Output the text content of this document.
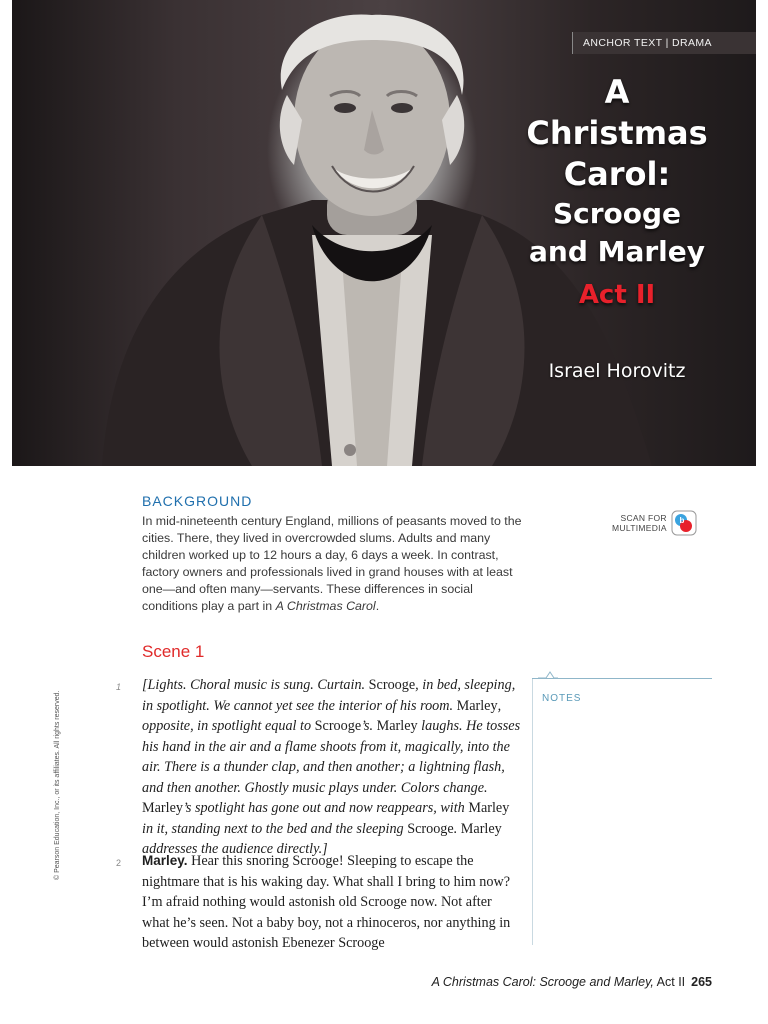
ANCHOR TEXT | DRAMA
A
Christmas
Carol:
Scrooge
and Marley
Act II
Israel Horovitz
BACKGROUND
In mid-nineteenth century England, millions of peasants moved to the cities. There, they lived in overcrowded slums. Adults and many children worked up to 12 hours a day, 6 days a week. In contrast, factory owners and professionals lived in grand houses with at least one—and often many—servants. These differences in social conditions play a part in A Christmas Carol.
SCAN FOR
MULTIMEDIA
b
Scene 1
1 [Lights. Choral music is sung. Curtain. Scrooge, in bed, sleeping, in spotlight. We cannot yet see the interior of his room. Marley, opposite, in spotlight equal to Scrooge’s. Marley laughs. He tosses his hand in the air and a flame shoots from it, magically, into the air. There is a thunder clap, and then another; a lightning flash, and then another. Ghostly music plays under. Colors change. Marley’s spotlight has gone out and now reappears, with Marley in it, standing next to the bed and the sleeping Scrooge. Marley addresses the audience directly.]
2 Marley. Hear this snoring Scrooge! Sleeping to escape the nightmare that is his waking day. What shall I bring to him now? I’m afraid nothing would astonish old Scrooge now. Not after what he’s seen. Not a baby boy, not a rhinoceros, nor anything in between would astonish Ebenezer Scrooge
NOTES
© Pearson Education, Inc., or its affiliates. All rights reserved.
A Christmas Carol: Scrooge and Marley, Act II 265
